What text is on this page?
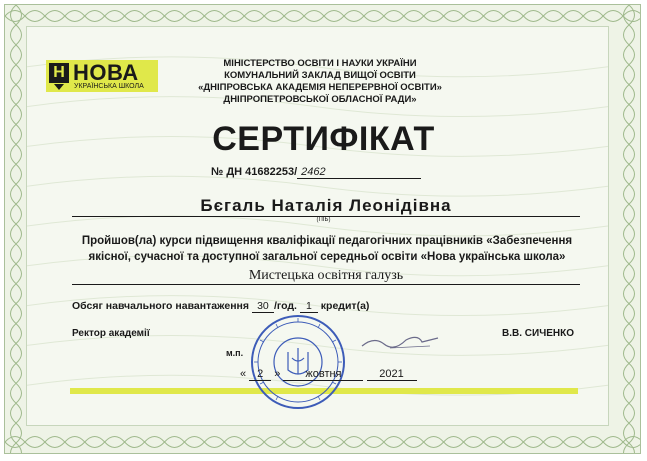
Н НОВА
УКРАЇНСЬКА ШКОЛА
МІНІСТЕРСТВО ОСВІТИ І НАУКИ УКРАЇНИ
КОМУНАЛЬНИЙ ЗАКЛАД ВИЩОЇ ОСВІТИ
«ДНІПРОВСЬКА АКАДЕМІЯ НЕПЕРЕРВНОЇ ОСВІТИ»
ДНІПРОПЕТРОВСЬКОЇ ОБЛАСНОЇ РАДИ»
СЕРТИФІКАТ
№ ДН 41682253/ 2462
Бєгаль Наталія Леонідівна
(ПІБ)
Пройшов(ла) курси підвищення кваліфікації педагогічних працівників «Забезпечення
якісної, сучасної та доступної загальної середньої освіти «Нова українська школа»
Мистецька освітня галузь
Обсяг навчального навантаження 30 /год. 1 кредит(а)
Ректор академії	В.В. СИЧЕНКО
м.п.
« 2 » жовтня	2021
